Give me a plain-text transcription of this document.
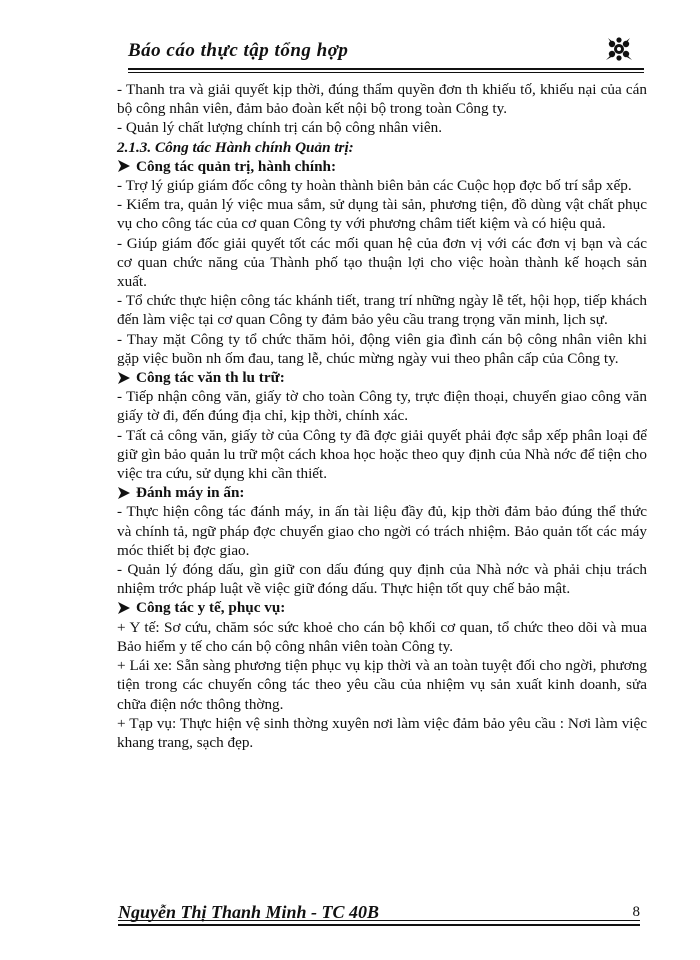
Báo cáo thực tập tổng hợp

- Thanh tra và giải quyết kịp thời, đúng thẩm quyền đơn th khiếu tố, khiếu nại của cán bộ công nhân viên, đảm bảo đoàn kết nội bộ trong toàn Công ty.

- Quản lý chất lượng chính trị cán bộ công nhân viên.

2.1.3. Công tác Hành chính Quản trị:

Công tác quản trị, hành chính:

- Trợ lý giúp giám đốc công ty hoàn thành biên bản các Cuộc họp đợc bố trí sắp xếp.

- Kiểm tra, quản lý việc mua sắm, sử dụng tài sản, phương tiện, đồ dùng vật chất phục vụ cho công tác của cơ quan Công ty với phương châm tiết kiệm và có hiệu quả.

- Giúp giám đốc giải quyết tốt các mối quan hệ của đơn vị với các đơn vị bạn và các cơ quan chức năng của Thành phố tạo thuận lợi cho việc hoàn thành kế hoạch sản xuất.

- Tổ chức thực hiện công tác khánh tiết, trang trí những ngày lễ tết, hội họp, tiếp khách đến làm việc tại cơ quan Công ty đảm bảo yêu cầu trang trọng văn minh, lịch sự.

- Thay mặt Công ty tổ chức thăm hỏi, động viên gia đình cán bộ công nhân viên khi gặp việc buồn nh ốm đau, tang lễ, chúc mừng ngày vui theo phân cấp của Công ty.

Công tác văn th lu trữ:

- Tiếp nhận công văn, giấy tờ cho toàn Công ty, trực điện thoại, chuyển giao công văn giấy tờ đi, đến đúng địa chỉ, kịp thời, chính xác.

- Tất cả công văn, giấy tờ của Công ty đã đợc giải quyết phải đợc sắp xếp phân loại để giữ gìn bảo quản lu trữ một cách khoa học hoặc theo quy định của Nhà nớc để tiện cho việc tra cứu, sử dụng khi cần thiết.

Đánh máy in ấn:

- Thực hiện công tác đánh máy, in ấn tài liệu đầy đủ, kịp thời đảm bảo đúng thể thức và chính tả, ngữ pháp đợc chuyển giao cho ngời có trách nhiệm. Bảo quản tốt các máy móc thiết bị đợc giao.

- Quản lý đóng dấu, gìn giữ con dấu đúng quy định của Nhà nớc và phải chịu trách nhiệm trớc pháp luật về việc giữ đóng dấu. Thực hiện tốt quy chế bảo mật.

Công tác y tế, phục vụ:

+ Y tế: Sơ cứu, chăm sóc sức khoẻ cho cán bộ khối cơ quan, tổ chức theo dõi và mua Bảo hiểm y tế cho cán bộ công nhân viên toàn Công ty.

+ Lái xe: Sẵn sàng phương tiện phục vụ kịp thời và an toàn tuyệt đối cho ngời, phương tiện trong các chuyến công tác theo yêu cầu của nhiệm vụ sản xuất kinh doanh, sửa chữa điện nớc thông thờng.

+ Tạp vụ: Thực hiện vệ sinh thờng xuyên nơi làm việc đảm bảo yêu cầu : Nơi làm việc khang trang, sạch đẹp.

Nguyễn Thị Thanh Minh - TC 40B	8
